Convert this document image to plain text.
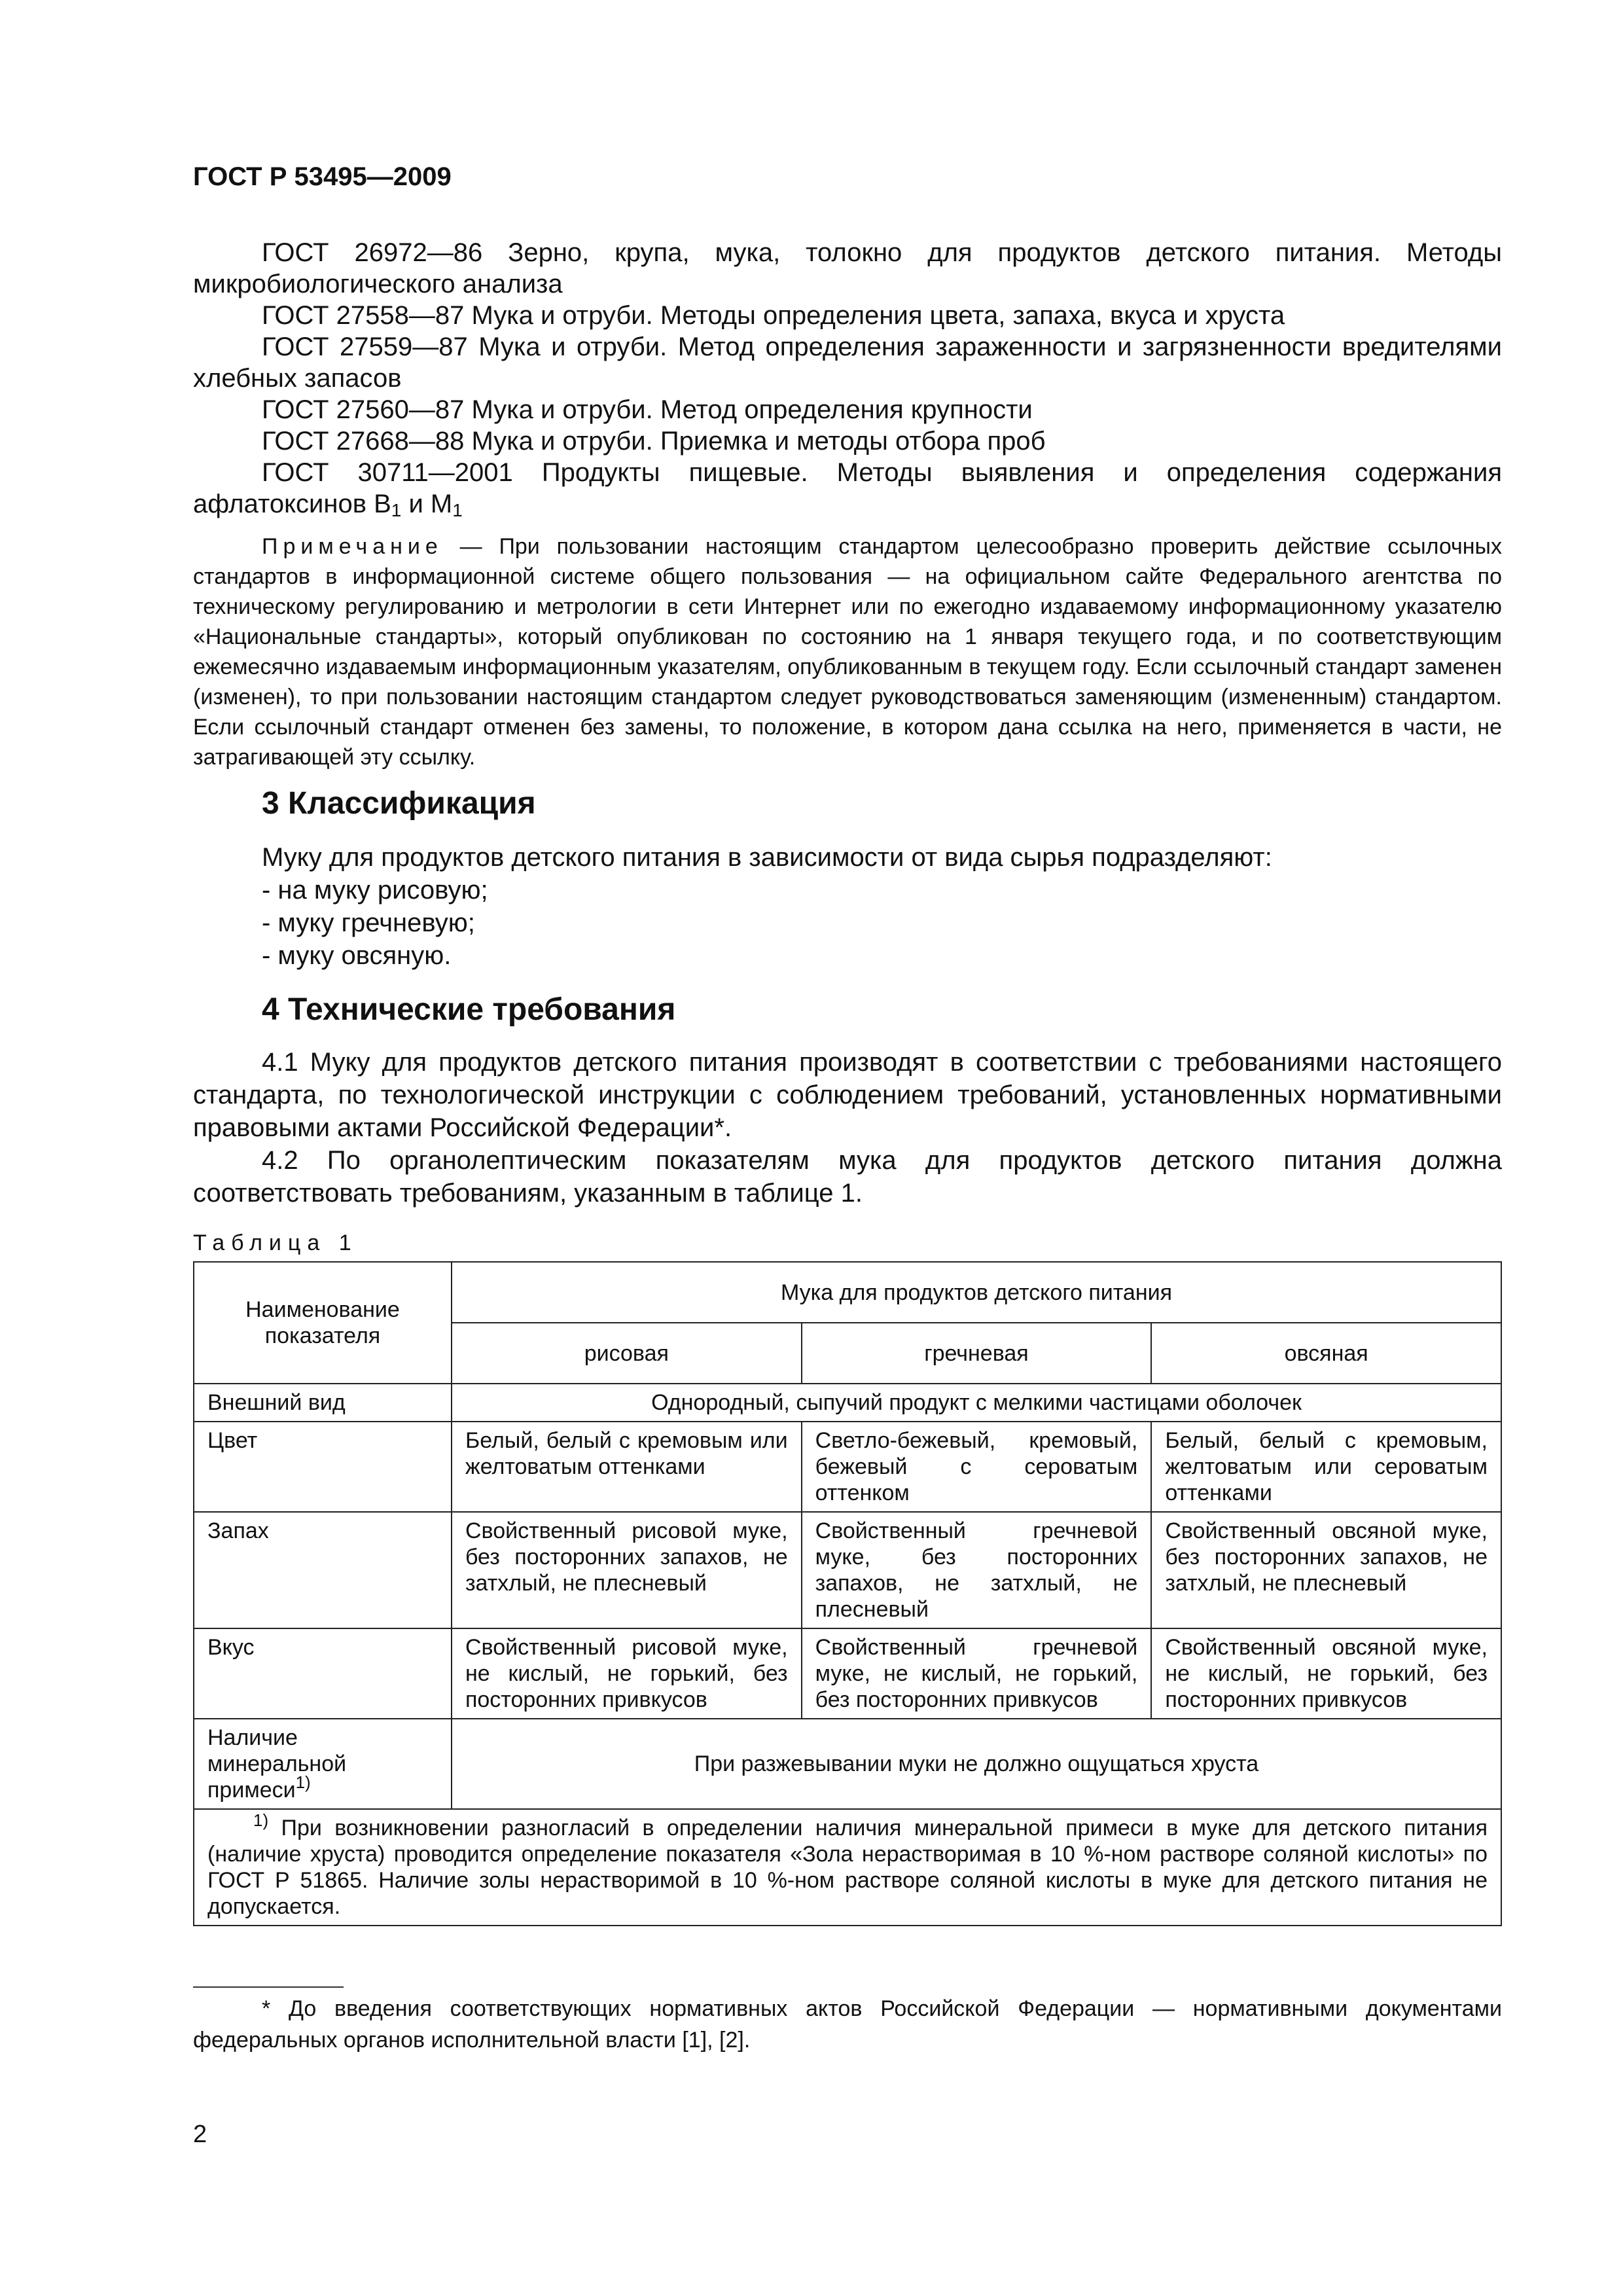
ГОСТ Р 53495—2009
ГОСТ 26972—86 Зерно, крупа, мука, толокно для продуктов детского питания. Методы микробиологического анализа
ГОСТ 27558—87 Мука и отруби. Методы определения цвета, запаха, вкуса и хруста
ГОСТ 27559—87 Мука и отруби. Метод определения зараженности и загрязненности вредителями хлебных запасов
ГОСТ 27560—87 Мука и отруби. Метод определения крупности
ГОСТ 27668—88 Мука и отруби. Приемка и методы отбора проб
ГОСТ 30711—2001 Продукты пищевые. Методы выявления и определения содержания афлатоксинов $B_1$ и $M_1$
Примечание — При пользовании настоящим стандартом целесообразно проверить действие ссылочных стандартов в информационной системе общего пользования — на официальном сайте Федерального агентства по техническому регулированию и метрологии в сети Интернет или по ежегодно издаваемому информационному указателю «Национальные стандарты», который опубликован по состоянию на 1 января текущего года, и по соответствующим ежемесячно издаваемым информационным указателям, опубликованным в текущем году. Если ссылочный стандарт заменен (изменен), то при пользовании настоящим стандартом следует руководствоваться заменяющим (измененным) стандартом. Если ссылочный стандарт отменен без замены, то положение, в котором дана ссылка на него, применяется в части, не затрагивающей эту ссылку.
3 Классификация
Муку для продуктов детского питания в зависимости от вида сырья подразделяют:
- на муку рисовую;
- муку гречневую;
- муку овсяную.
4 Технические требования
4.1 Муку для продуктов детского питания производят в соответствии с требованиями настоящего стандарта, по технологической инструкции с соблюдением требований, установленных нормативными правовыми актами Российской Федерации*.
4.2 По органолептическим показателям мука для продуктов детского питания должна соответствовать требованиям, указанным в таблице 1.
Таблица 1
Наименование показателя	Мука для продуктов детского питания		
	рисовая	гречневая	овсяная
Внешний вид	Однородный, сыпучий продукт с мелкими частицами оболочек		
Цвет	Белый, белый с кремовым или желтоватым оттенками	Светло-бежевый, кремовый, бежевый с сероватым оттенком	Белый, белый с кремовым, желтоватым или сероватым оттенками
Запах	Свойственный рисовой муке, без посторонних запахов, не затхлый, не плесневый	Свойственный гречневой муке, без посторонних запахов, не затхлый, не плесневый	Свойственный овсяной муке, без посторонних запахов, не затхлый, не плесневый
Вкус	Свойственный рисовой муке, не кислый, не горький, без посторонних привкусов	Свойственный гречневой муке, не кислый, не горький, без посторонних привкусов	Свойственный овсяной муке, не кислый, не горький, без посторонних привкусов
Наличие минеральной примеси$^{1)}$	При разжевывании муки не должно ощущаться хруста		
$^{1)}$ При возникновении разногласий в определении наличия минеральной примеси в муке для детского питания (наличие хруста) проводится определение показателя «Зола нерастворимая в 10 %-ном растворе соляной кислоты» по ГОСТ Р 51865. Наличие золы нерастворимой в 10 %-ном растворе соляной кислоты в муке для детского питания не допускается.			
* До введения соответствующих нормативных актов Российской Федерации — нормативными документами федеральных органов исполнительной власти [1], [2].
2
